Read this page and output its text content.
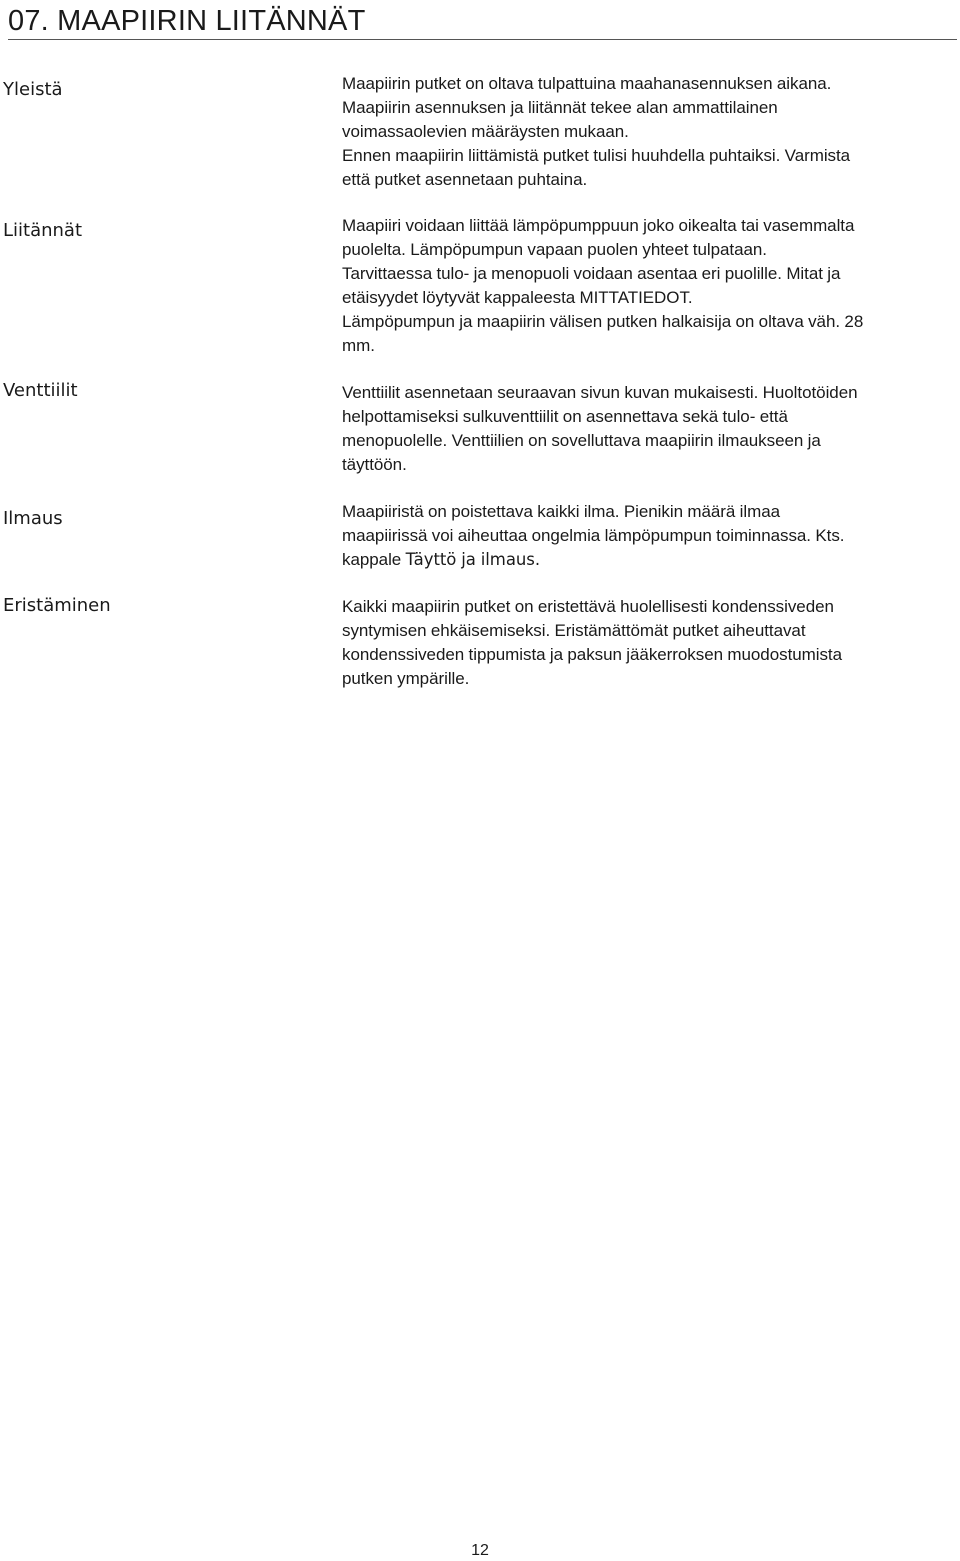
07. MAAPIIRIN LIITÄNNÄT
Yleistä	Maapiirin putket on oltava tulpattuina maahanasennuksen aikana.
Maapiirin asennuksen ja liitännät tekee alan ammattilainen
voimassaolevien määräysten mukaan.
Ennen maapiirin liittämistä putket tulisi huuhdella puhtaiksi. Varmista
että putket asennetaan puhtaina.
Liitännät	Maapiiri voidaan liittää lämpöpumppuun joko oikealta tai vasemmalta
puolelta. Lämpöpumpun vapaan puolen yhteet tulpataan.
Tarvittaessa tulo- ja menopuoli voidaan asentaa eri puolille. Mitat ja
etäisyydet löytyvät kappaleesta MITTATIEDOT.
Lämpöpumpun ja maapiirin välisen putken halkaisija on oltava väh. 28
mm.
Venttiilit	Venttiilit asennetaan seuraavan sivun kuvan mukaisesti. Huoltotöiden
helpottamiseksi sulkuventtiilit on asennettava sekä tulo- että
menopuolelle. Venttiilien on sovelluttava maapiirin ilmaukseen ja
täyttöön.
Ilmaus	Maapiiristä on poistettava kaikki ilma. Pienikin määrä ilmaa
maapiirissä voi aiheuttaa ongelmia lämpöpumpun toiminnassa. Kts.
kappale Täyttö ja ilmaus.
Eristäminen	Kaikki maapiirin putket on eristettävä huolellisesti kondenssiveden
syntymisen ehkäisemiseksi. Eristämättömät putket aiheuttavat
kondenssiveden tippumista ja paksun jääkerroksen muodostumista
putken ympärille.
12
